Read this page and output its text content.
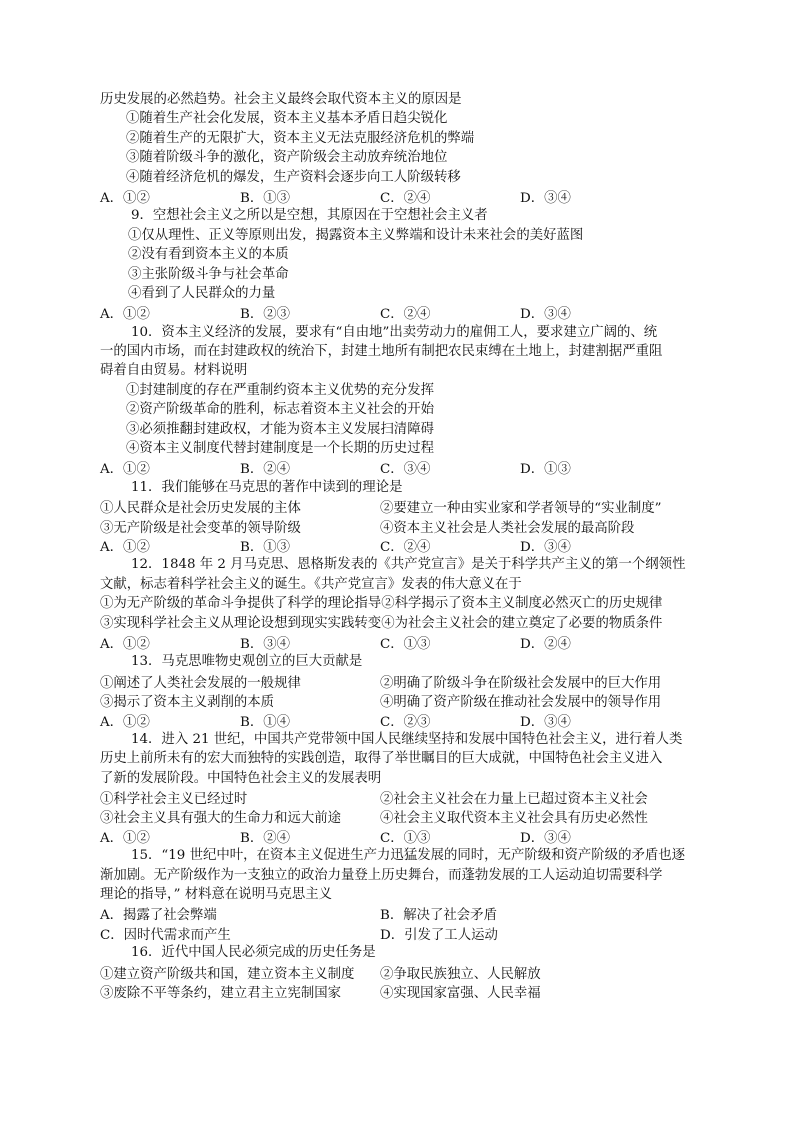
历史发展的必然趋势。社会主义最终会取代资本主义的原因是
①随着生产社会化发展，资本主义基本矛盾日趋尖锐化
②随着生产的无限扩大，资本主义无法克服经济危机的弊端
③随着阶级斗争的激化，资产阶级会主动放弃统治地位
④随着经济危机的爆发，生产资料会逐步向工人阶级转移
A．①②	B．①③	C．②④	D．③④
9．空想社会主义之所以是空想，其原因在于空想社会主义者
①仅从理性、正义等原则出发，揭露资本主义弊端和设计未来社会的美好蓝图
②没有看到资本主义的本质
③主张阶级斗争与社会革命
④看到了人民群众的力量
A．①②	B．②③	C．②④	D．③④
10．资本主义经济的发展，要求有“自由地”出卖劳动力的雇佣工人，要求建立广阔的、统
一的国内市场，而在封建政权的统治下，封建土地所有制把农民束缚在土地上，封建割据严重阻
碍着自由贸易。材料说明
①封建制度的存在严重制约资本主义优势的充分发挥
②资产阶级革命的胜利，标志着资本主义社会的开始
③必须推翻封建政权，才能为资本主义发展扫清障碍
④资本主义制度代替封建制度是一个长期的历史过程
A．①②	B．②④	C．③④	D．①③
11．我们能够在马克思的著作中读到的理论是
①人民群众是社会历史发展的主体	②要建立一种由实业家和学者领导的“实业制度”
③无产阶级是社会变革的领导阶级	④资本主义社会是人类社会发展的最高阶段
A．①②	B．①③	C．②④	D．③④
12．1848 年 2 月马克思、恩格斯发表的《共产党宣言》是关于科学共产主义的第一个纲领性
文献，标志着科学社会主义的诞生。《共产党宣言》发表的伟大意义在于
①为无产阶级的革命斗争提供了科学的理论指导②科学揭示了资本主义制度必然灭亡的历史规律
③实现科学社会主义从理论设想到现实实践转变④为社会主义社会的建立奠定了必要的物质条件
A．①②	B．③④	C．①③	D．②④
13．马克思唯物史观创立的巨大贡献是
①阐述了人类社会发展的一般规律	②明确了阶级斗争在阶级社会发展中的巨大作用
③揭示了资本主义剥削的本质	④明确了资产阶级在推动社会发展中的领导作用
A．①②	B．①④	C．②③	D．③④
14．进入 21 世纪，中国共产党带领中国人民继续坚持和发展中国特色社会主义，进行着人类
历史上前所未有的宏大而独特的实践创造，取得了举世瞩目的巨大成就，中国特色社会主义进入
了新的发展阶段。中国特色社会主义的发展表明
①科学社会主义已经过时	②社会主义社会在力量上已超过资本主义社会
③社会主义具有强大的生命力和远大前途	④社会主义取代资本主义社会具有历史必然性
A．①②	B．②④	C．①③	D．③④
15．“19 世纪中叶，在资本主义促进生产力迅猛发展的同时，无产阶级和资产阶级的矛盾也逐
渐加剧。无产阶级作为一支独立的政治力量登上历史舞台，而蓬勃发展的工人运动迫切需要科学
理论的指导，” 材料意在说明马克思主义
A．揭露了社会弊端	B．解决了社会矛盾
C．因时代需求而产生	D．引发了工人运动
16．近代中国人民必须完成的历史任务是
①建立资产阶级共和国，建立资本主义制度 ②争取民族独立、人民解放
③废除不平等条约，建立君主立宪制国家	④实现国家富强、人民幸福
